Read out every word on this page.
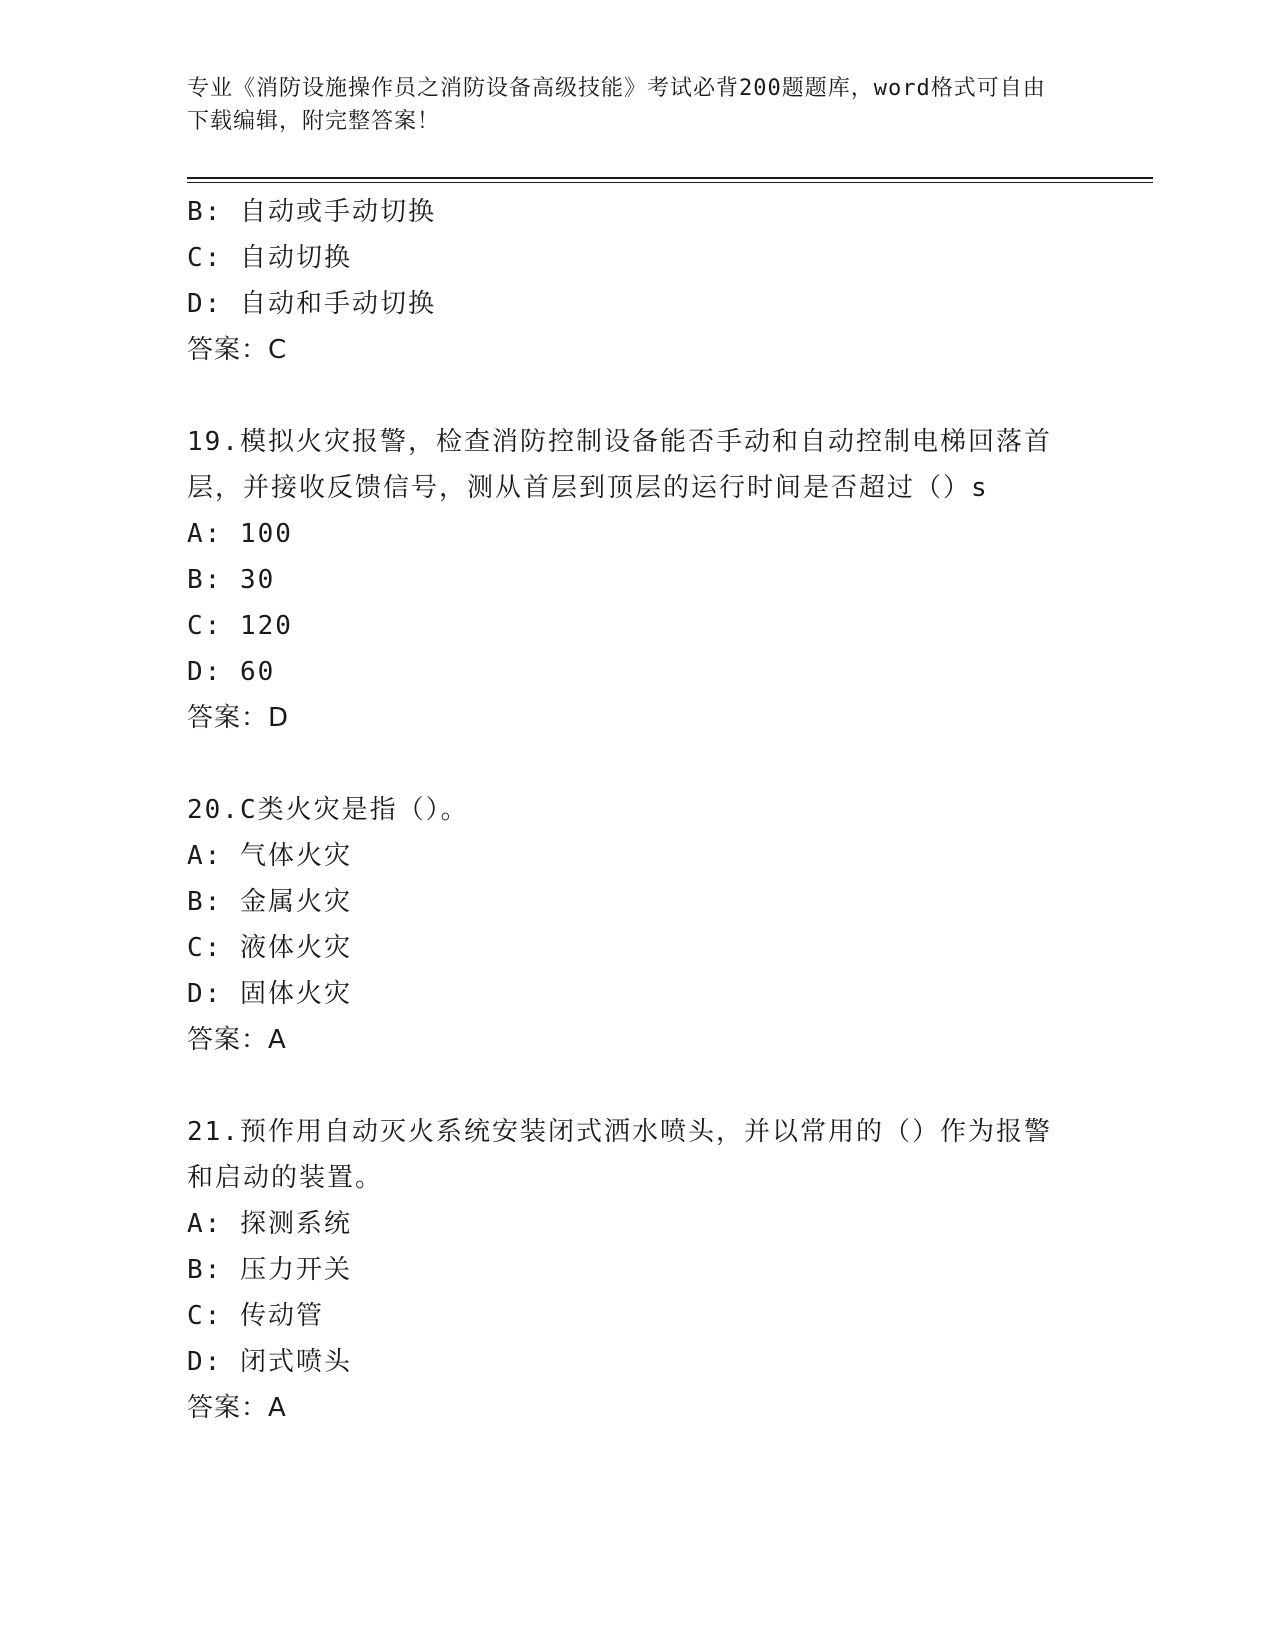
专业《消防设施操作员之消防设备高级技能》考试必背200题题库，word格式可自由下载编辑，附完整答案！
B: 自动或手动切换
C: 自动切换
D: 自动和手动切换
答案：C
19.模拟火灾报警，检查消防控制设备能否手动和自动控制电梯回落首层，并接收反馈信号，测从首层到顶层的运行时间是否超过（）s
A: 100
B: 30
C: 120
D: 60
答案：D
20.C类火灾是指（）。
A: 气体火灾
B: 金属火灾
C: 液体火灾
D: 固体火灾
答案：A
21.预作用自动灭火系统安装闭式洒水喷头，并以常用的（）作为报警和启动的装置。
A: 探测系统
B: 压力开关
C: 传动管
D: 闭式喷头
答案：A
